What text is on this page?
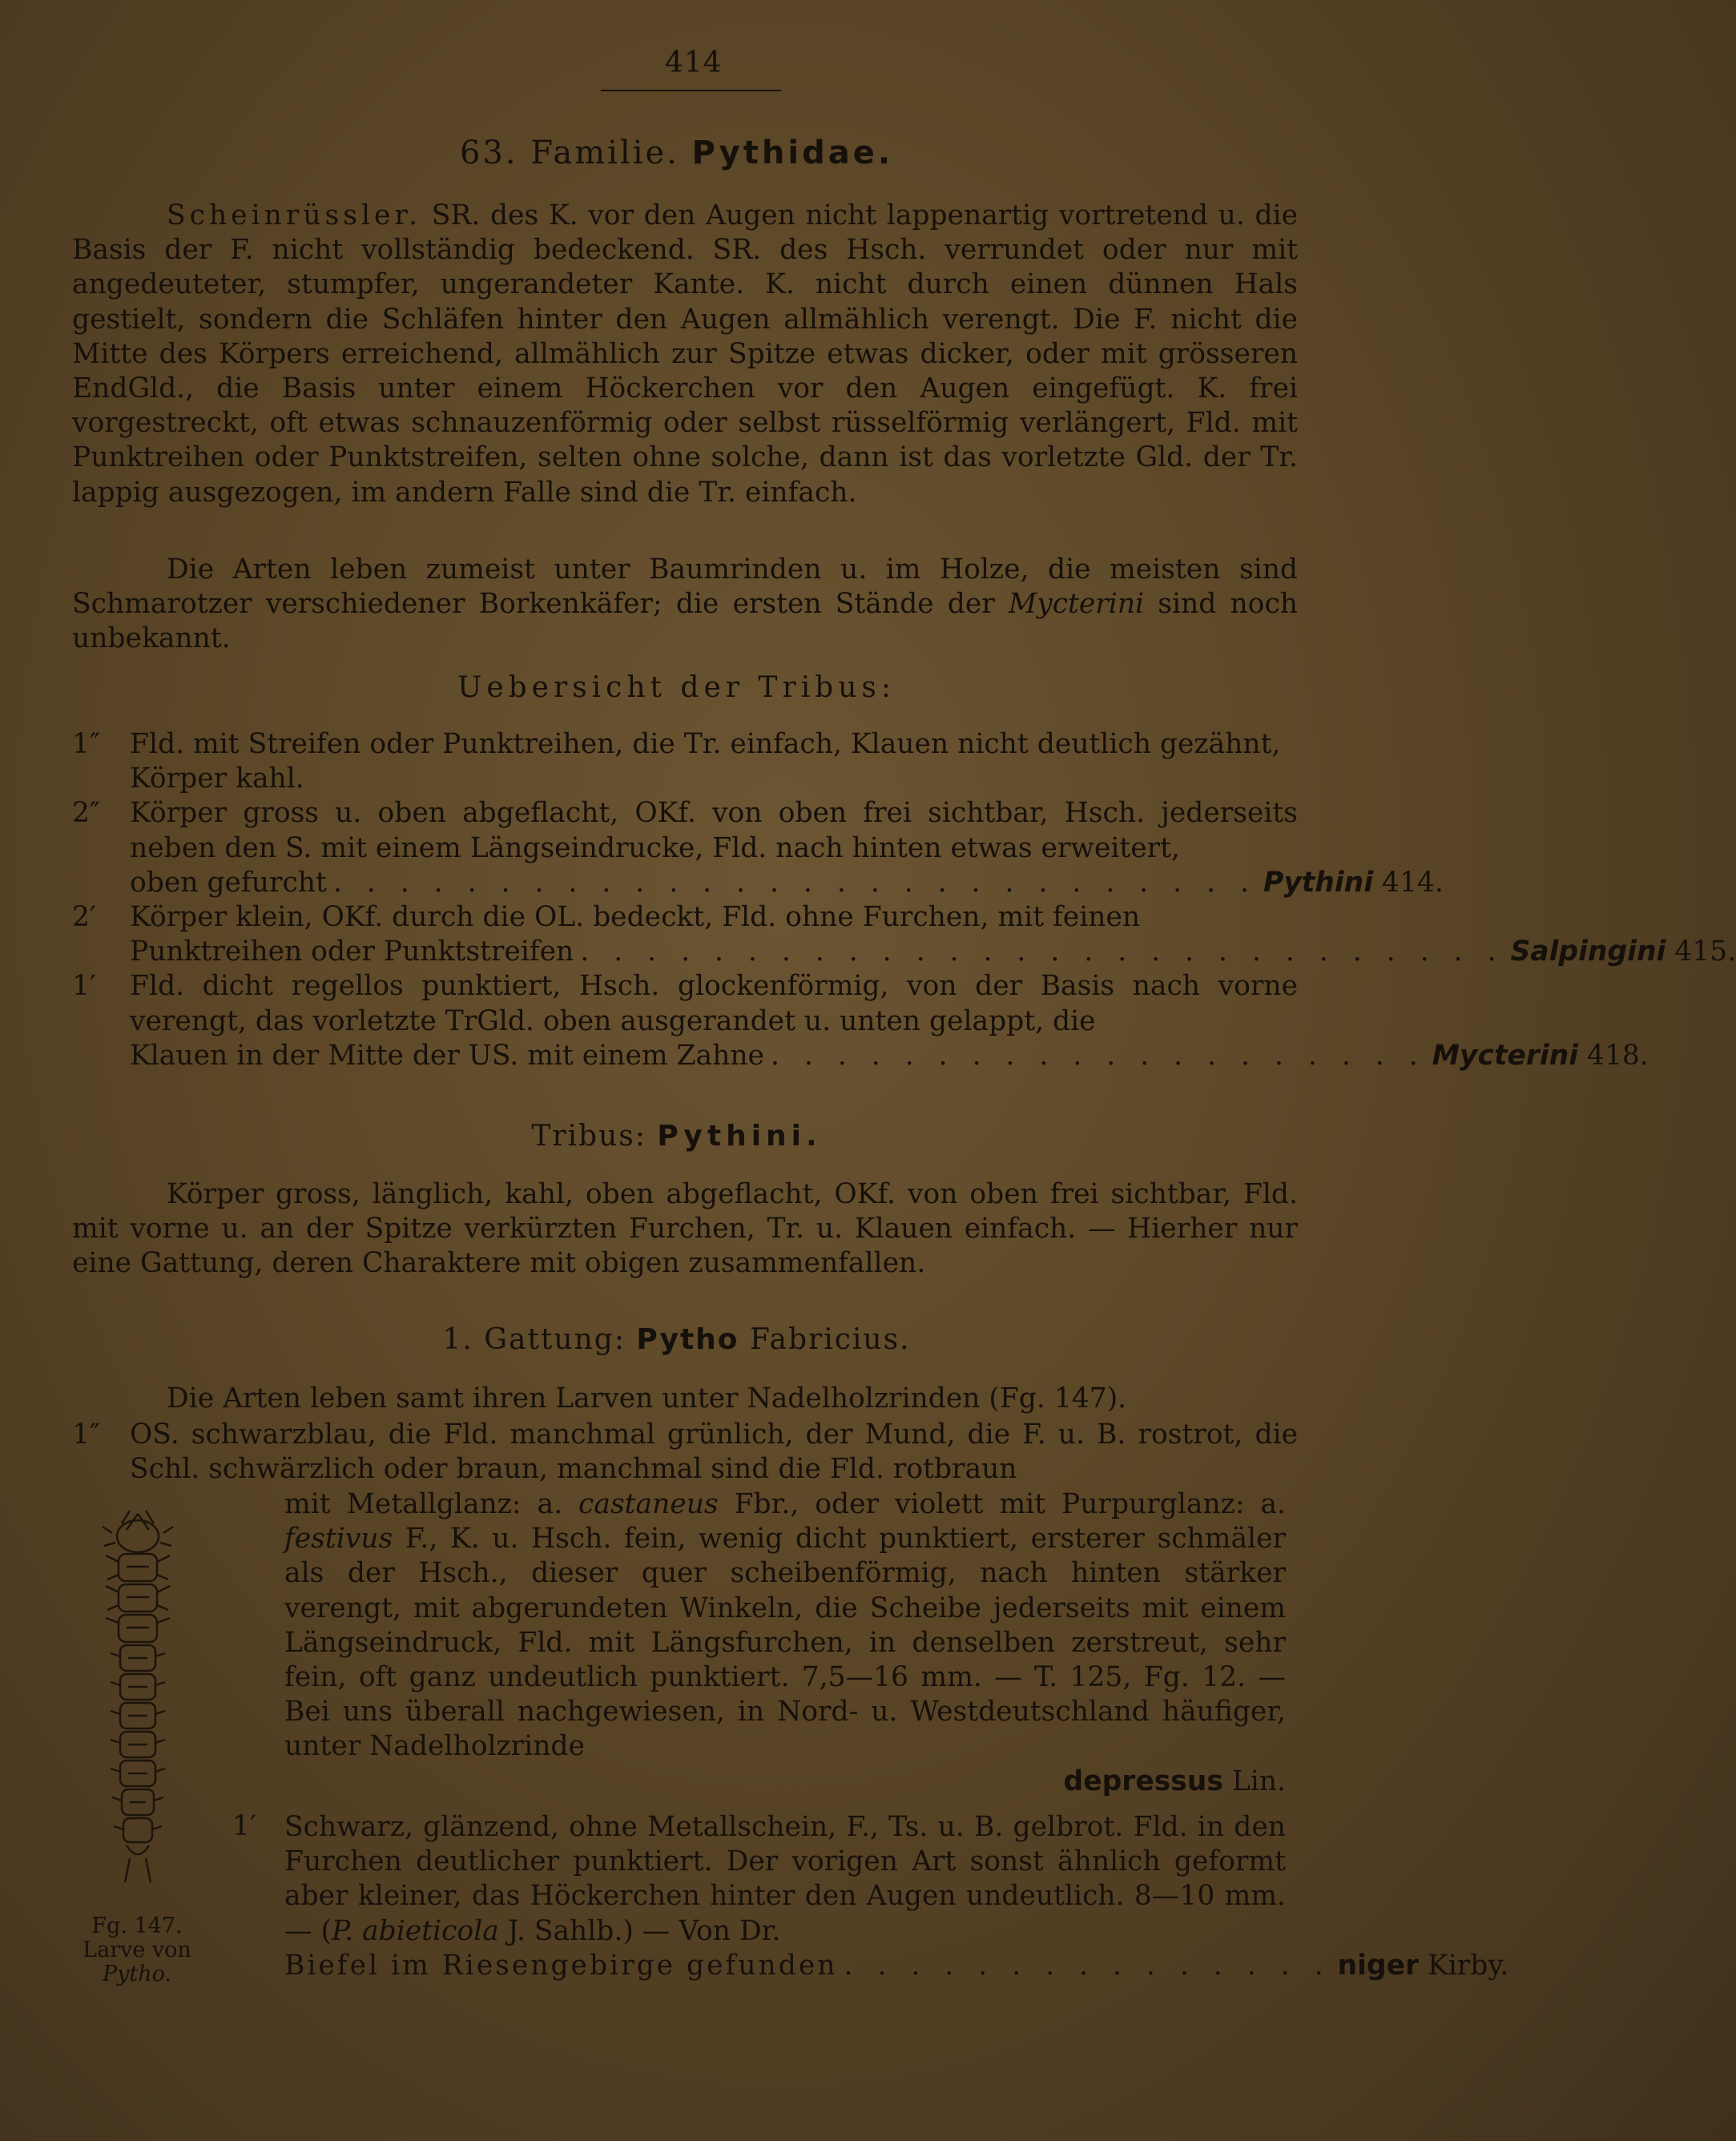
414
63. Familie. Pythidae.

Scheinrüssler. SR. des K. vor den Augen nicht lappenartig vortretend u. die Basis der F. nicht vollständig bedeckend. SR. des Hsch. verrundet oder nur mit angedeuteter, stumpfer, ungerandeter Kante. K. nicht durch einen dünnen Hals gestielt, sondern die Schläfen hinter den Augen allmählich verengt. Die F. nicht die Mitte des Körpers erreichend, allmählich zur Spitze etwas dicker, oder mit grösseren EndGld., die Basis unter einem Höckerchen vor den Augen eingefügt. K. frei vorgestreckt, oft etwas schnauzenförmig oder selbst rüsselförmig verlängert, Fld. mit Punktreihen oder Punktstreifen, selten ohne solche, dann ist das vorletzte Gld. der Tr. lappig ausgezogen, im andern Falle sind die Tr. einfach.

Die Arten leben zumeist unter Baumrinden u. im Holze, die meisten sind Schmarotzer verschiedener Borkenkäfer; die ersten Stände der Mycterini sind noch unbekannt.

Uebersicht der Tribus:
1″ Fld. mit Streifen oder Punktreihen, die Tr. einfach, Klauen nicht deutlich gezähnt, Körper kahl.
2″ Körper gross u. oben abgeflacht, OKf. von oben frei sichtbar, Hsch. jederseits neben den S. mit einem Längseindrucke, Fld. nach hinten etwas erweitert,
oben gefurcht . . . . . . . . . . . . . . . . . . . . . . . . . . . . Pythini 414.
2′ Körper klein, OKf. durch die OL. bedeckt, Fld. ohne Furchen, mit feinen
Punktreihen oder Punktstreifen . . . . . . . . . . . . . . . . . . . . . . . . . . . . Salpingini 415.
1′ Fld. dicht regellos punktiert, Hsch. glockenförmig, von der Basis nach vorne verengt, das vorletzte TrGld. oben ausgerandet u. unten gelappt, die
Klauen in der Mitte der US. mit einem Zahne . . . . . . . . . . . . . . . . . . . . Mycterini 418.
Tribus: Pythini.

Körper gross, länglich, kahl, oben abgeflacht, OKf. von oben frei sichtbar, Fld. mit vorne u. an der Spitze verkürzten Furchen, Tr. u. Klauen einfach. — Hierher nur eine Gattung, deren Charaktere mit obigen zusammenfallen.

1. Gattung: Pytho Fabricius.

Die Arten leben samt ihren Larven unter Nadelholzrinden (Fg. 147).

1″ OS. schwarzblau, die Fld. manchmal grünlich, der Mund, die F. u. B. rostrot, die Schl. schwärzlich oder braun, manchmal sind die Fld. rotbraun

mit Metallglanz: a. castaneus Fbr., oder violett mit Purpurglanz: a. festivus F., K. u. Hsch. fein, wenig dicht punktiert, ersterer schmäler als der Hsch., dieser quer scheibenförmig, nach hinten stärker verengt, mit abgerundeten Winkeln, die Scheibe jederseits mit einem Längseindruck, Fld. mit Längsfurchen, in denselben zerstreut, sehr fein, oft ganz undeutlich punktiert. 7,5—16 mm. — T. 125, Fg. 12. — Bei uns überall nachgewiesen, in Nord- u. Westdeutschland häufiger, unter Nadelholzrinde

depressus Lin.

1′ Schwarz, glänzend, ohne Metallschein, F., Ts. u. B. gelbrot. Fld. in den Furchen deutlicher punktiert. Der vorigen Art sonst ähnlich geformt aber kleiner, das Höckerchen hinter den Augen undeutlich. 8—10 mm. — (P. abieticola J. Sahlb.) — Von Dr.

Biefel im Riesengebirge gefunden . . . . . . . . . . . . . . . niger Kirby.
Fg. 147.
Larve von
Pytho.
